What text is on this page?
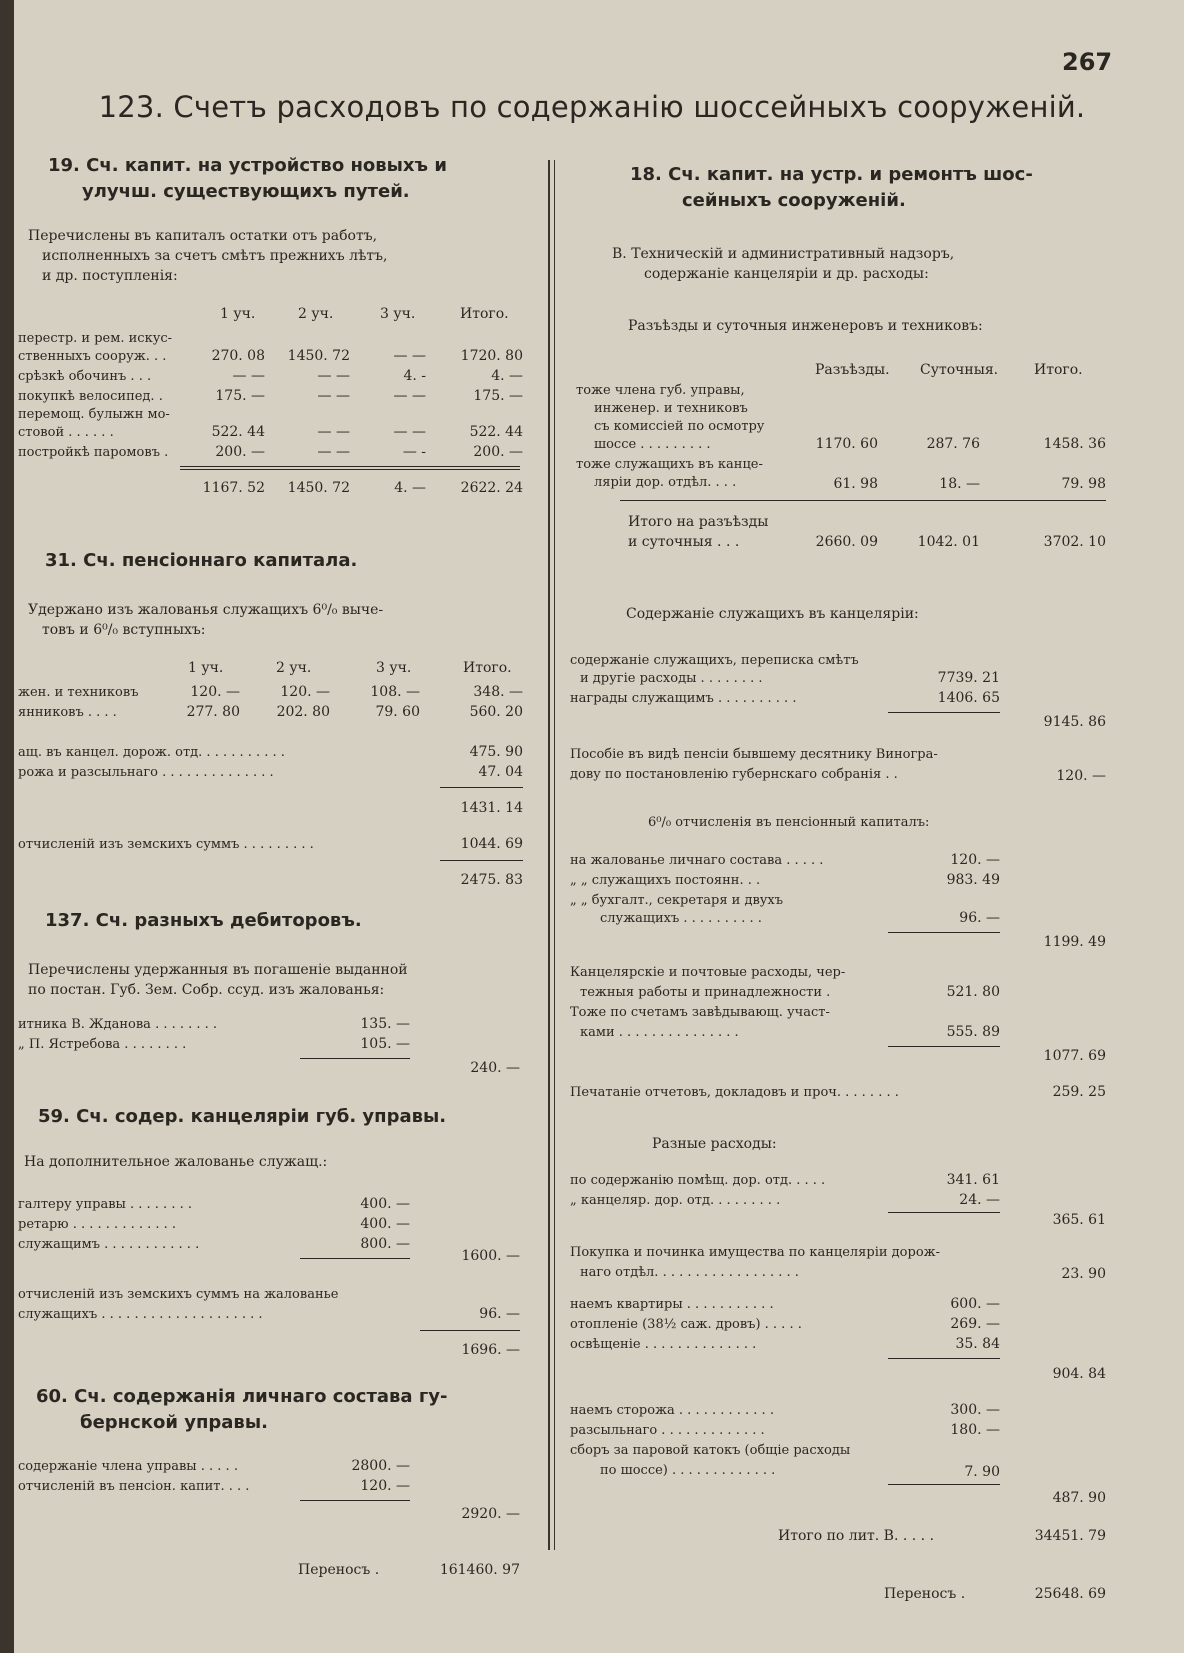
267
123. Счетъ расходовъ по содержанію шоссейныхъ сооруженій.
19. Сч. капит. на устройство новыхъ и
улучш. существующихъ путей.
Перечислены въ капиталъ остатки отъ работъ,
исполненныхъ за счетъ смѣтъ прежнихъ лѣтъ,
и др. поступленія:
1 уч.	2 уч.	3 уч.	Итого.
перестр. и рем. искус-
ственныхъ сооруж. . .	270. 08	1450. 72	— —	1720. 80
срѣзкѣ обочинъ . . .	— —	— —	4. -	4. —
покупкѣ велосипед. .	175. —	— —	— —	175. —
перемощ. булыжн мо-
стовой . . . . . .	522. 44	— —	— —	522. 44
постройкѣ паромовъ .	200. —	— —	— -	200. —
1167. 52	1450. 72	4. —	2622. 24
31. Сч. пенсіоннаго капитала.
Удержано изъ жалованья служащихъ 6⁰/₀ выче-
товъ и 6⁰/₀ вступныхъ:
1 уч.	2 уч.	3 уч.	Итого.
жен. и техниковъ	120. —	120. —	108. —	348. —
янниковъ . . . .	277. 80	202. 80	79. 60	560. 20
ащ. въ канцел. дорож. отд. . . . . . . . . . .	475. 90
рожа и разсыльнаго . . . . . . . . . . . . . .	47. 04
1431. 14
отчисленій изъ земскихъ суммъ . . . . . . . . .	1044. 69
2475. 83
137. Сч. разныхъ дебиторовъ.
Перечислены удержанныя въ погашеніе выданной
по постан. Губ. Зем. Собр. ссуд. изъ жалованья:
итника В. Жданова . . . . . . . .	135. —
„ П. Ястребова . . . . . . . .	105. —
240. —
59. Сч. содер. канцеляріи губ. управы.
На дополнительное жалованье служащ.:
галтеру управы . . . . . . . .	400. —
ретарю . . . . . . . . . . . . .	400. —
служащимъ . . . . . . . . . . . .	800. —
1600. —
отчисленій изъ земскихъ суммъ на жалованье
служащихъ . . . . . . . . . . . . . . . . . . . .	96. —
1696. —
60. Сч. содержанія личнаго состава гу-
бернской управы.
содержаніе члена управы . . . . .	2800. —
отчисленій въ пенсіон. капит. . . .	120. —
2920. —
Переносъ .	161460. 97
18. Сч. капит. на устр. и ремонтъ шос-
сейныхъ сооруженій.
В. Техническій и административный надзоръ,
содержаніе канцеляріи и др. расходы:
Разъѣзды и суточныя инженеровъ и техниковъ:
Разъѣзды. Суточныя.	Итого.
тоже члена губ. управы,
инженер. и техниковъ
съ комиссіей по осмотру
шоссе . . . . . . . . .	1170. 60	287. 76	1458. 36
тоже служащихъ въ канце-
ляріи дор. отдѣл. . . .	61. 98	18. —	79. 98
Итого на разъѣзды
и суточныя . . .	2660. 09	1042. 01	3702. 10
Содержаніе служащихъ въ канцеляріи:
содержаніе служащихъ, переписка смѣтъ
и другіе расходы . . . . . . . .	7739. 21
награды служащимъ . . . . . . . . . .	1406. 65
9145. 86
Пособіе въ видѣ пенсіи бывшему десятнику Виногра-
дову по постановленію губернскаго собранія . .	120. —
6⁰/₀ отчисленія въ пенсіонный капиталъ:
на жалованье личнаго состава . . . . .	120. —
„ „ служащихъ постоянн. . .	983. 49
„ „ бухгалт., секретаря и двухъ
служащихъ . . . . . . . . . .	96. —
1199. 49
Канцелярскіе и почтовые расходы, чер-
тежныя работы и принадлежности .	521. 80
Тоже по счетамъ завѣдывающ. участ-
ками . . . . . . . . . . . . . . .	555. 89
1077. 69
Печатаніе отчетовъ, докладовъ и проч. . . . . . . .	259. 25
Разные расходы:
по содержанію помѣщ. дор. отд. . . . .	341. 61
„ канцеляр. дор. отд. . . . . . . . .	24. —
365. 61
Покупка и починка имущества по канцеляріи дорож-
наго отдѣл. . . . . . . . . . . . . . . . . .	23. 90
наемъ квартиры . . . . . . . . . . .	600. —
отопленіе (38½ саж. дровъ) . . . . .	269. —
освѣщеніе . . . . . . . . . . . . . .	35. 84
904. 84
наемъ сторожа . . . . . . . . . . . .	300. —
разсыльнаго . . . . . . . . . . . . .	180. —
сборъ за паровой катокъ (общіе расходы
по шоссе) . . . . . . . . . . . . .	7. 90
487. 90
Итого по лит. В. . . . .	34451. 79
Переносъ .	25648. 69
